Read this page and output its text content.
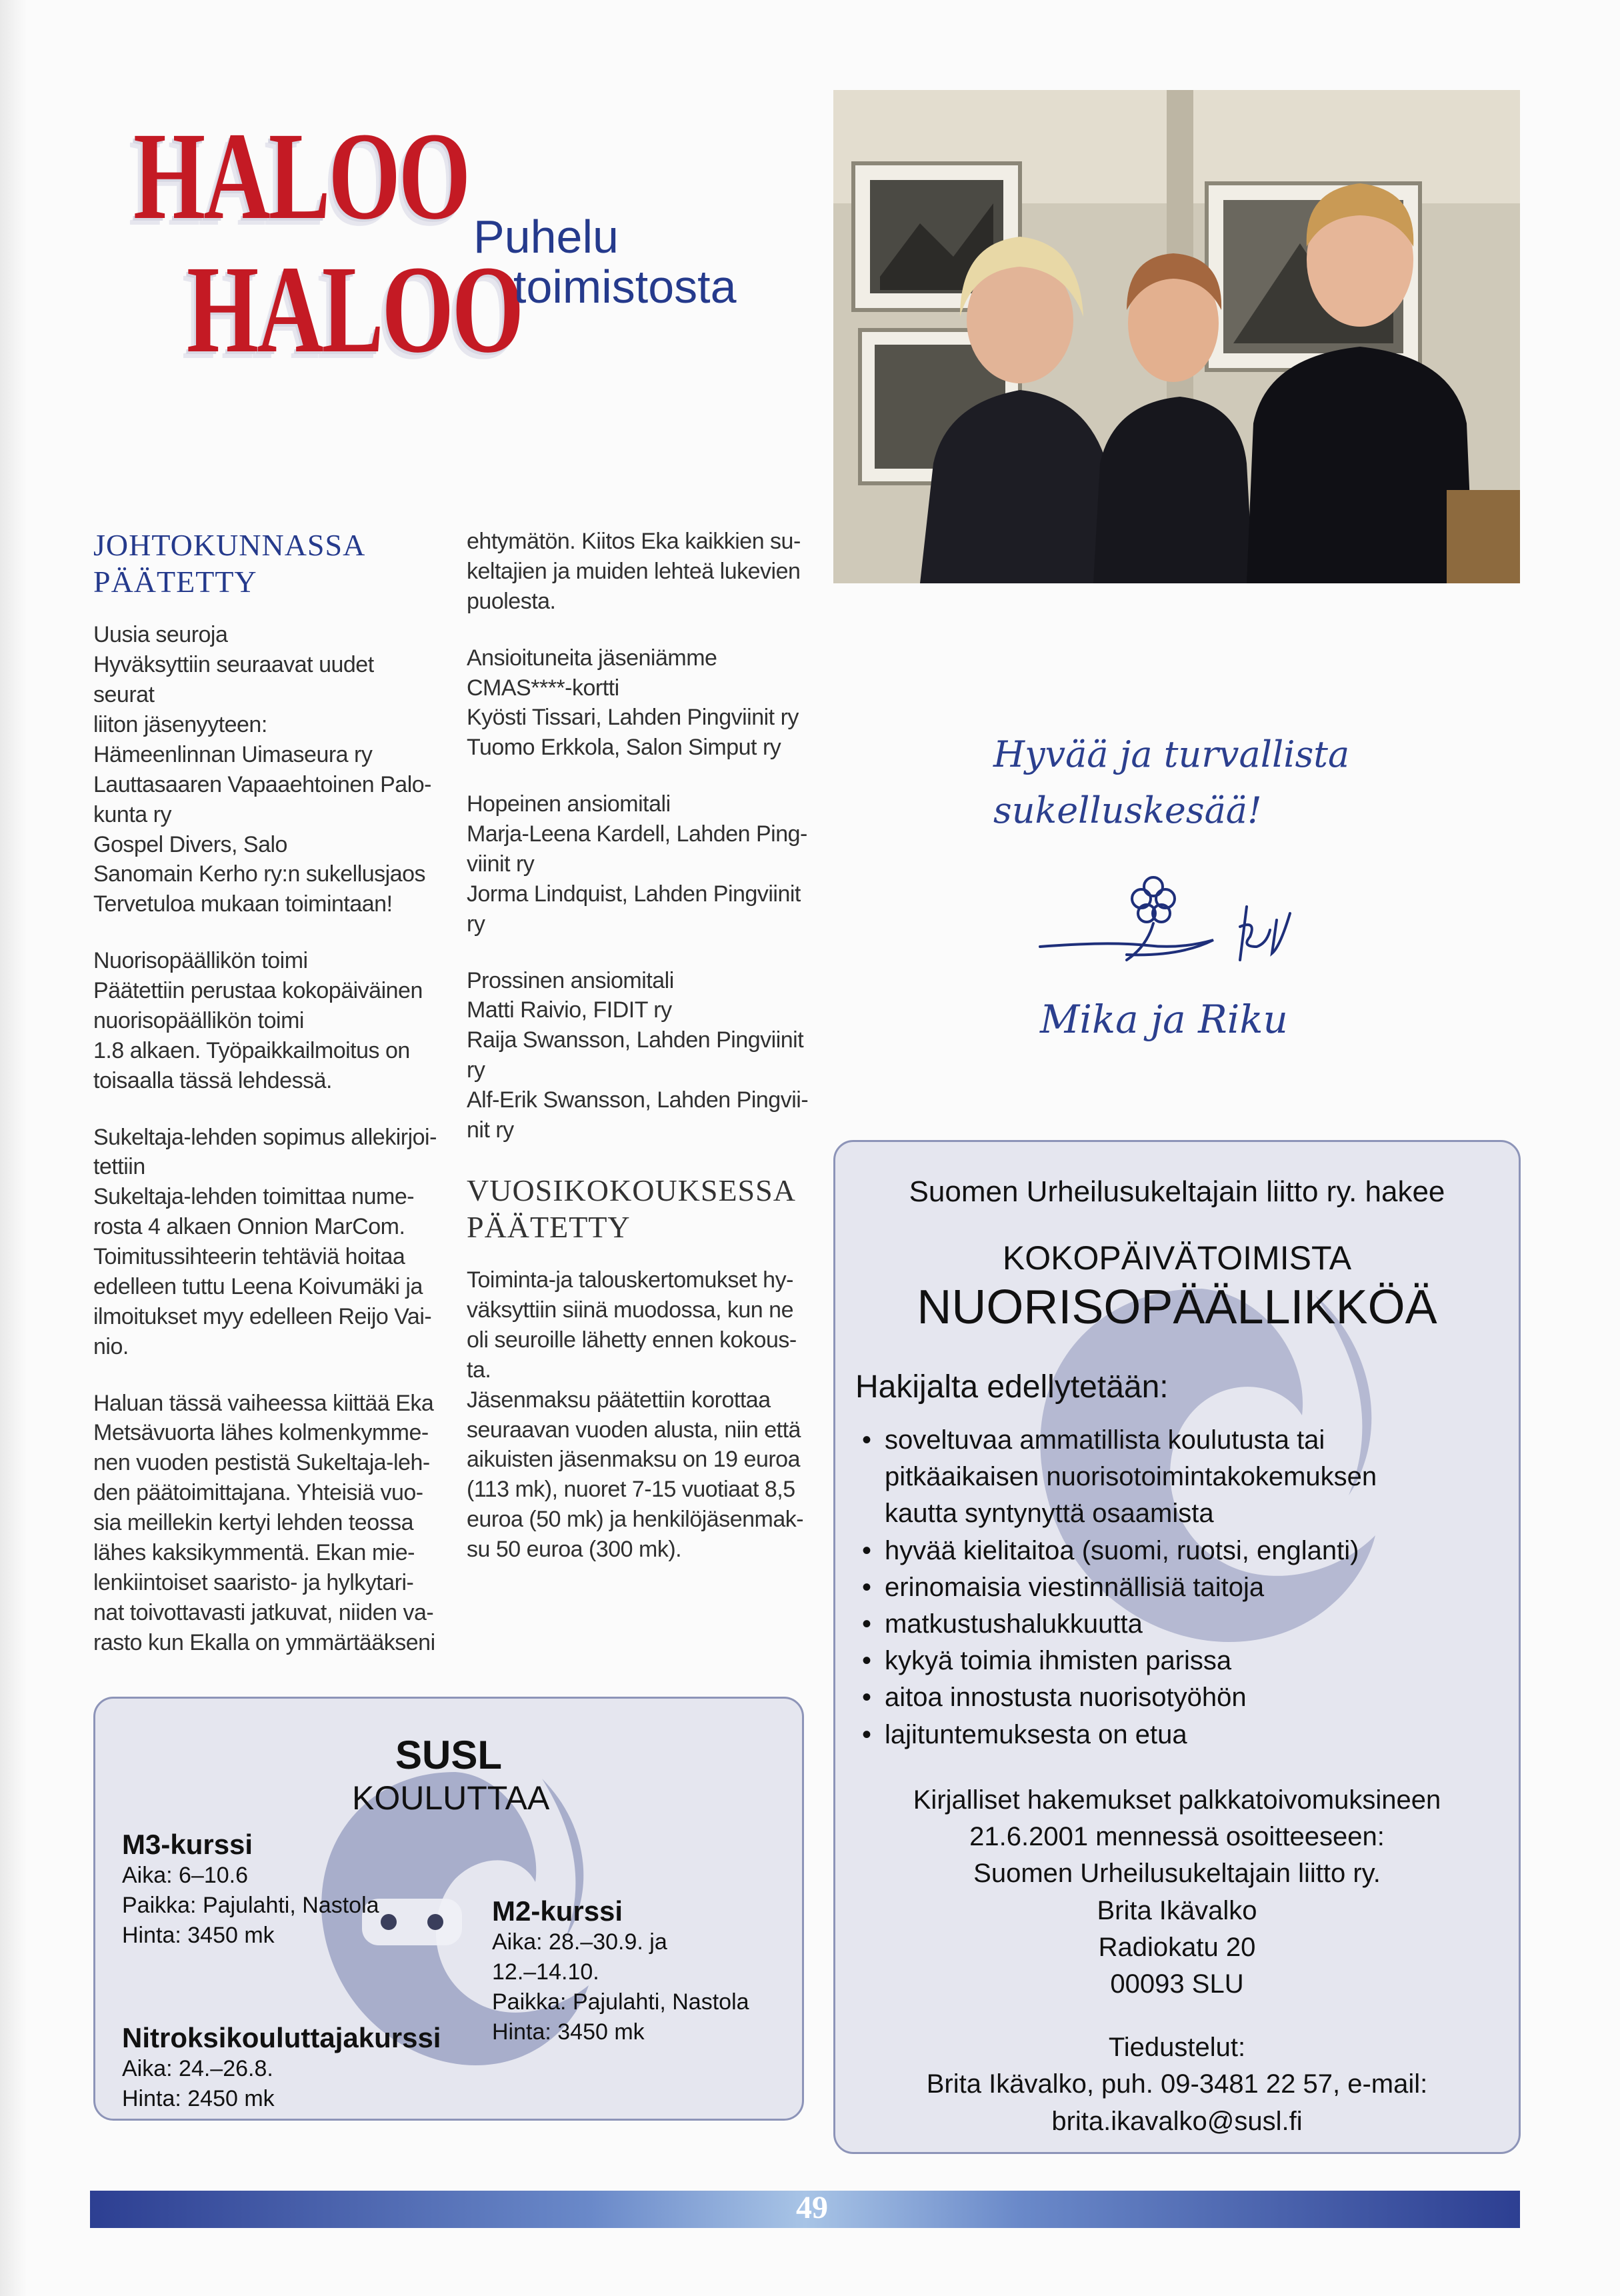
HALOO
HALOO
Puhelu
toimistosta
JOHTOKUNNASSA
PÄÄTETTY

Uusia seuroja
Hyväksyttiin seuraavat uudet seurat
liiton jäsenyyteen:
Hämeenlinnan Uimaseura ry
Lauttasaaren Vapaaehtoinen Palo-
kunta ry
Gospel Divers, Salo
Sanomain Kerho ry:n sukellusjaos
Tervetuloa mukaan toimintaan!

Nuorisopäällikön toimi
Päätettiin perustaa kokopäiväinen
nuorisopäällikön toimi
1.8 alkaen. Työpaikkailmoitus on
toisaalla tässä lehdessä.

Sukeltaja-lehden sopimus allekirjoi-
tettiin
Sukeltaja-lehden toimittaa nume-
rosta 4 alkaen Onnion MarCom.
Toimitussihteerin tehtäviä hoitaa
edelleen tuttu Leena Koivumäki ja
ilmoitukset myy edelleen Reijo Vai-
nio.

Haluan tässä vaiheessa kiittää Eka
Metsävuorta lähes kolmenkymme-
nen vuoden pestistä Sukeltaja-leh-
den päätoimittajana. Yhteisiä vuo-
sia meillekin kertyi lehden teossa
lähes kaksikymmentä. Ekan mie-
lenkiintoiset saaristo- ja hylkytari-
nat toivottavasti jatkuvat, niiden va-
rasto kun Ekalla on ymmärtääkseni

ehtymätön. Kiitos Eka kaikkien su-
keltajien ja muiden lehteä lukevien
puolesta.

Ansioituneita jäseniämme
CMAS****-kortti
Kyösti Tissari, Lahden Pingviinit ry
Tuomo Erkkola, Salon Simput ry

Hopeinen ansiomitali
Marja-Leena Kardell, Lahden Ping-
viinit ry
Jorma Lindquist, Lahden Pingviinit
ry

Prossinen ansiomitali
Matti Raivio, FIDIT ry
Raija Swansson, Lahden Pingviinit
ry
Alf-Erik Swansson, Lahden Pingvii-
nit ry

VUOSIKOKOUKSESSA
PÄÄTETTY

Toiminta-ja talouskertomukset hy-
väksyttiin siinä muodossa, kun ne
oli seuroille lähetty ennen kokous-
ta.
Jäsenmaksu päätettiin korottaa
seuraavan vuoden alusta, niin että
aikuisten jäsenmaksu on 19 euroa
(113 mk), nuoret 7-15 vuotiaat 8,5
euroa (50 mk) ja henkilöjäsenmak-
su 50 euroa (300 mk).

Hyvää ja turvallista
sukelluskesää!
Mika ja Riku
Suomen Urheilusukeltajain liitto ry. hakee
KOKOPÄIVÄTOIMISTA
NUORISOPÄÄLLIKKÖÄ
Hakijalta edellytetään:
• soveltuvaa ammatillista koulutusta tai
pitkäaikaisen nuorisotoimintakokemuksen
kautta syntynyttä osaamista
• hyvää kielitaitoa (suomi, ruotsi, englanti)
• erinomaisia viestinnällisiä taitoja
• matkustushalukkuutta
• kykyä toimia ihmisten parissa
• aitoa innostusta nuorisotyöhön
• lajituntemuksesta on etua
Kirjalliset hakemukset palkkatoivomuksineen
21.6.2001 mennessä osoitteeseen:
Suomen Urheilusukeltajain liitto ry.
Brita Ikävalko
Radiokatu 20
00093 SLU
Tiedustelut:
Brita Ikävalko, puh. 09-3481 22 57, e-mail:
brita.ikavalko@susl.fi
SUSL
KOULUTTAA
M3-kurssi
Aika: 6–10.6
Paikka: Pajulahti, Nastola
Hinta: 3450 mk
M2-kurssi
Aika: 28.–30.9. ja
12.–14.10.
Paikka: Pajulahti, Nastola
Hinta: 3450 mk
Nitroksikouluttajakurssi
Aika: 24.–26.8.
Hinta: 2450 mk
49
